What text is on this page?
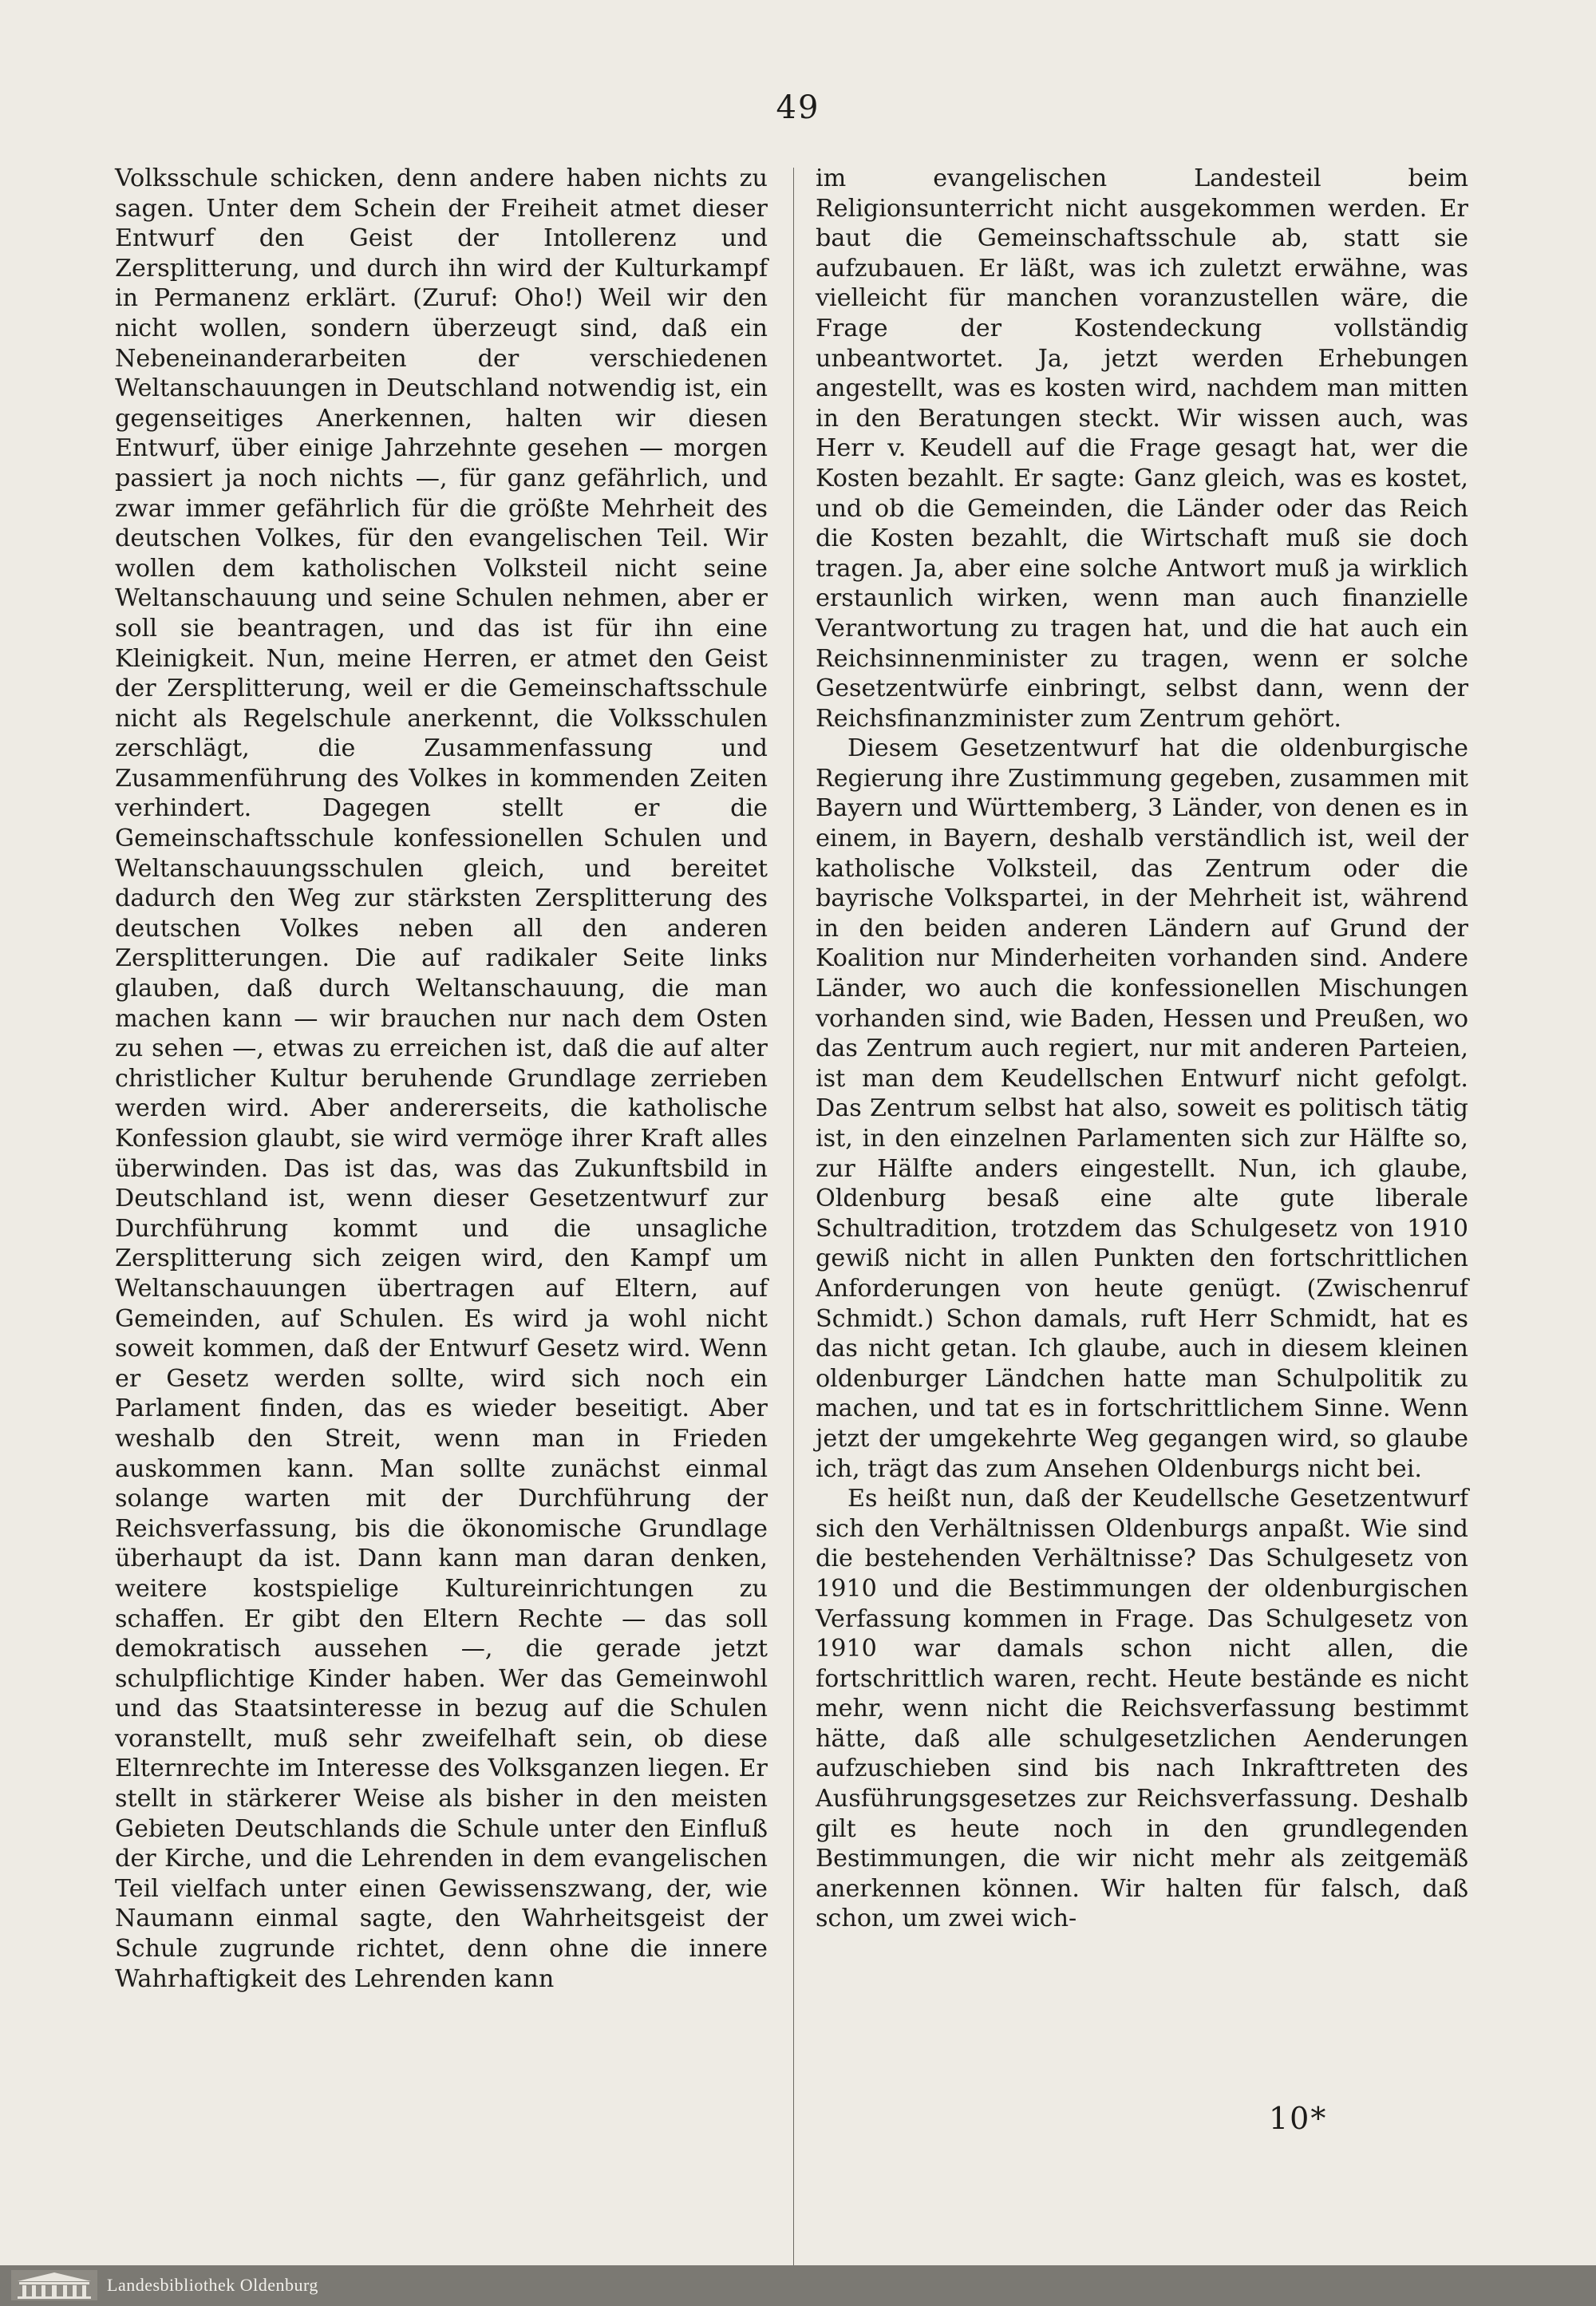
49

Volksschule schicken, denn andere haben nichts zu sagen. Unter dem Schein der Freiheit atmet dieser Entwurf den Geist der Intollerenz und Zersplitterung, und durch ihn wird der Kulturkampf in Permanenz erklärt. (Zuruf: Oho!) Weil wir den nicht wollen, sondern überzeugt sind, daß ein Nebeneinanderarbeiten der verschiedenen Weltanschauungen in Deutschland notwendig ist, ein gegenseitiges Anerkennen, halten wir diesen Entwurf, über einige Jahrzehnte gesehen — morgen passiert ja noch nichts —, für ganz gefährlich, und zwar immer gefährlich für die größte Mehrheit des deutschen Volkes, für den evangelischen Teil. Wir wollen dem katholischen Volksteil nicht seine Weltanschauung und seine Schulen nehmen, aber er soll sie beantragen, und das ist für ihn eine Kleinigkeit. Nun, meine Herren, er atmet den Geist der Zersplitterung, weil er die Gemeinschaftsschule nicht als Regelschule anerkennt, die Volksschulen zerschlägt, die Zusammenfassung und Zusammenführung des Volkes in kommenden Zeiten verhindert. Dagegen stellt er die Gemeinschaftsschule konfessionellen Schulen und Weltanschauungsschulen gleich, und bereitet dadurch den Weg zur stärksten Zersplitterung des deutschen Volkes neben all den anderen Zersplitterungen. Die auf radikaler Seite links glauben, daß durch Weltanschauung, die man machen kann — wir brauchen nur nach dem Osten zu sehen —, etwas zu erreichen ist, daß die auf alter christlicher Kultur beruhende Grundlage zerrieben werden wird. Aber andererseits, die katholische Konfession glaubt, sie wird vermöge ihrer Kraft alles überwinden. Das ist das, was das Zukunftsbild in Deutschland ist, wenn dieser Gesetzentwurf zur Durchführung kommt und die unsagliche Zersplitterung sich zeigen wird, den Kampf um Weltanschauungen übertragen auf Eltern, auf Gemeinden, auf Schulen. Es wird ja wohl nicht soweit kommen, daß der Entwurf Gesetz wird. Wenn er Gesetz werden sollte, wird sich noch ein Parlament finden, das es wieder beseitigt. Aber weshalb den Streit, wenn man in Frieden auskommen kann. Man sollte zunächst einmal solange warten mit der Durchführung der Reichsverfassung, bis die ökonomische Grundlage überhaupt da ist. Dann kann man daran denken, weitere kostspielige Kultureinrichtungen zu schaffen. Er gibt den Eltern Rechte — das soll demokratisch aussehen —, die gerade jetzt schulpflichtige Kinder haben. Wer das Gemeinwohl und das Staatsinteresse in bezug auf die Schulen voranstellt, muß sehr zweifelhaft sein, ob diese Elternrechte im Interesse des Volksganzen liegen. Er stellt in stärkerer Weise als bisher in den meisten Gebieten Deutschlands die Schule unter den Einfluß der Kirche, und die Lehrenden in dem evangelischen Teil vielfach unter einen Gewissenszwang, der, wie Naumann einmal sagte, den Wahrheitsgeist der Schule zugrunde richtet, denn ohne die innere Wahrhaftigkeit des Lehrenden kann

im evangelischen Landesteil beim Religionsunterricht nicht ausgekommen werden. Er baut die Gemeinschaftsschule ab, statt sie aufzubauen. Er läßt, was ich zuletzt erwähne, was vielleicht für manchen voranzustellen wäre, die Frage der Kostendeckung vollständig unbeantwortet. Ja, jetzt werden Erhebungen angestellt, was es kosten wird, nachdem man mitten in den Beratungen steckt. Wir wissen auch, was Herr v. Keudell auf die Frage gesagt hat, wer die Kosten bezahlt. Er sagte: Ganz gleich, was es kostet, und ob die Gemeinden, die Länder oder das Reich die Kosten bezahlt, die Wirtschaft muß sie doch tragen. Ja, aber eine solche Antwort muß ja wirklich erstaunlich wirken, wenn man auch finanzielle Verantwortung zu tragen hat, und die hat auch ein Reichsinnenminister zu tragen, wenn er solche Gesetzentwürfe einbringt, selbst dann, wenn der Reichsfinanzminister zum Zentrum gehört.

Diesem Gesetzentwurf hat die oldenburgische Regierung ihre Zustimmung gegeben, zusammen mit Bayern und Württemberg, 3 Länder, von denen es in einem, in Bayern, deshalb verständlich ist, weil der katholische Volksteil, das Zentrum oder die bayrische Volkspartei, in der Mehrheit ist, während in den beiden anderen Ländern auf Grund der Koalition nur Minderheiten vorhanden sind. Andere Länder, wo auch die konfessionellen Mischungen vorhanden sind, wie Baden, Hessen und Preußen, wo das Zentrum auch regiert, nur mit anderen Parteien, ist man dem Keudellschen Entwurf nicht gefolgt. Das Zentrum selbst hat also, soweit es politisch tätig ist, in den einzelnen Parlamenten sich zur Hälfte so, zur Hälfte anders eingestellt. Nun, ich glaube, Oldenburg besaß eine alte gute liberale Schultradition, trotzdem das Schulgesetz von 1910 gewiß nicht in allen Punkten den fortschrittlichen Anforderungen von heute genügt. (Zwischenruf Schmidt.) Schon damals, ruft Herr Schmidt, hat es das nicht getan. Ich glaube, auch in diesem kleinen oldenburger Ländchen hatte man Schulpolitik zu machen, und tat es in fortschrittlichem Sinne. Wenn jetzt der umgekehrte Weg gegangen wird, so glaube ich, trägt das zum Ansehen Oldenburgs nicht bei.

Es heißt nun, daß der Keudellsche Gesetzentwurf sich den Verhältnissen Oldenburgs anpaßt. Wie sind die bestehenden Verhältnisse? Das Schulgesetz von 1910 und die Bestimmungen der oldenburgischen Verfassung kommen in Frage. Das Schulgesetz von 1910 war damals schon nicht allen, die fortschrittlich waren, recht. Heute bestände es nicht mehr, wenn nicht die Reichsverfassung bestimmt hätte, daß alle schulgesetzlichen Aenderungen aufzuschieben sind bis nach Inkrafttreten des Ausführungsgesetzes zur Reichsverfassung. Deshalb gilt es heute noch in den grundlegenden Bestimmungen, die wir nicht mehr als zeitgemäß anerkennen können. Wir halten für falsch, daß schon, um zwei wich-

10*
Landesbibliothek Oldenburg
